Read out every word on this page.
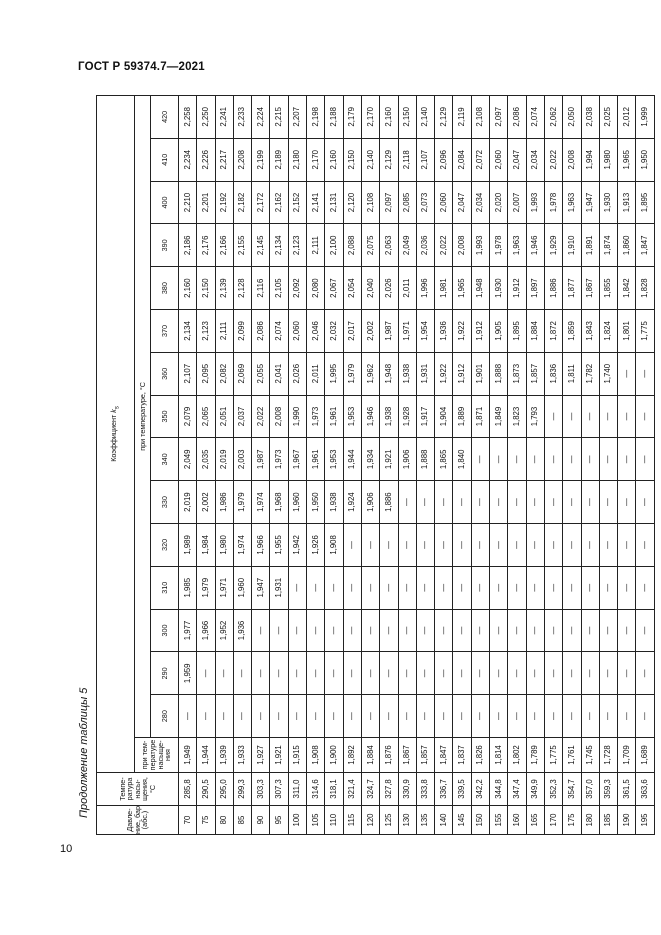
ГОСТ Р 59374.7—2021
Продолжение таблицы 5
Давле-ние, бар (абс.)	Темпе-ратура насы-щения, °С	Коэффициент $k_s$
		при тем-пературе насыще-ния	при температуре, °С														
			280	290	300	310	320	330	340	350	360	370	380	390	400	410	420
70	285,8	1,949	—	1,959	1,977	1,985	1,989	2,019	2,049	2,079	2,107	2,134	2,160	2,186	2,210	2,234	2,258
75	290,5	1,944	—	—	1,966	1,979	1,984	2,002	2,035	2,065	2,095	2,123	2,150	2,176	2,201	2,226	2,250
80	295,0	1,939	—	—	1,952	1,971	1,980	1,986	2,019	2,051	2,082	2,111	2,139	2,166	2,192	2,217	2,241
85	299,3	1,933	—	—	1,936	1,960	1,974	1,979	2,003	2,037	2,069	2,099	2,128	2,155	2,182	2,208	2,233
90	303,3	1,927	—	—	—	1,947	1,966	1,974	1,987	2,022	2,055	2,086	2,116	2,145	2,172	2,199	2,224
95	307,3	1,921	—	—	—	1,931	1,955	1,968	1,973	2,008	2,041	2,074	2,105	2,134	2,162	2,189	2,215
100	311,0	1,915	—	—	—	—	1,942	1,960	1,967	1,990	2,026	2,060	2,092	2,123	2,152	2,180	2,207
105	314,6	1,908	—	—	—	—	1,926	1,950	1,961	1,973	2,011	2,046	2,080	2,111	2,141	2,170	2,198
110	318,1	1,900	—	—	—	—	1,908	1,938	1,953	1,961	1,995	2,032	2,067	2,100	2,131	2,160	2,188
115	321,4	1,892	—	—	—	—	—	1,924	1,944	1,953	1,979	2,017	2,054	2,088	2,120	2,150	2,179
120	324,7	1,884	—	—	—	—	—	1,906	1,934	1,946	1,962	2,002	2,040	2,075	2,108	2,140	2,170
125	327,8	1,876	—	—	—	—	—	1,886	1,921	1,938	1,948	1,987	2,026	2,063	2,097	2,129	2,160
130	330,9	1,867	—	—	—	—	—	—	1,906	1,928	1,938	1,971	2,011	2,049	2,085	2,118	2,150
135	333,8	1,857	—	—	—	—	—	—	1,888	1,917	1,931	1,954	1,996	2,036	2,073	2,107	2,140
140	336,7	1,847	—	—	—	—	—	—	1,865	1,904	1,922	1,936	1,981	2,022	2,060	2,096	2,129
145	339,5	1,837	—	—	—	—	—	—	1,840	1,889	1,912	1,922	1,965	2,008	2,047	2,084	2,119
150	342,2	1,826	—	—	—	—	—	—	—	1,871	1,901	1,912	1,948	1,993	2,034	2,072	2,108
155	344,8	1,814	—	—	—	—	—	—	—	1,849	1,888	1,905	1,930	1,978	2,020	2,060	2,097
160	347,4	1,802	—	—	—	—	—	—	—	1,823	1,873	1,895	1,912	1,963	2,007	2,047	2,086
165	349,9	1,789	—	—	—	—	—	—	—	1,793	1,857	1,884	1,897	1,946	1,993	2,034	2,074
170	352,3	1,775	—	—	—	—	—	—	—	—	1,836	1,872	1,886	1,929	1,978	2,022	2,062
175	354,7	1,761	—	—	—	—	—	—	—	—	1,811	1,859	1,877	1,910	1,963	2,008	2,050
180	357,0	1,745	—	—	—	—	—	—	—	—	1,782	1,843	1,867	1,891	1,947	1,994	2,038
185	359,3	1,728	—	—	—	—	—	—	—	—	1,740	1,824	1,855	1,874	1,930	1,980	2,025
190	361,5	1,709	—	—	—	—	—	—	—	—	—	1,801	1,842	1,860	1,913	1,965	2,012
195	363,6	1,689	—	—	—	—	—	—	—	—	—	1,775	1,828	1,847	1,895	1,950	1,999
10
